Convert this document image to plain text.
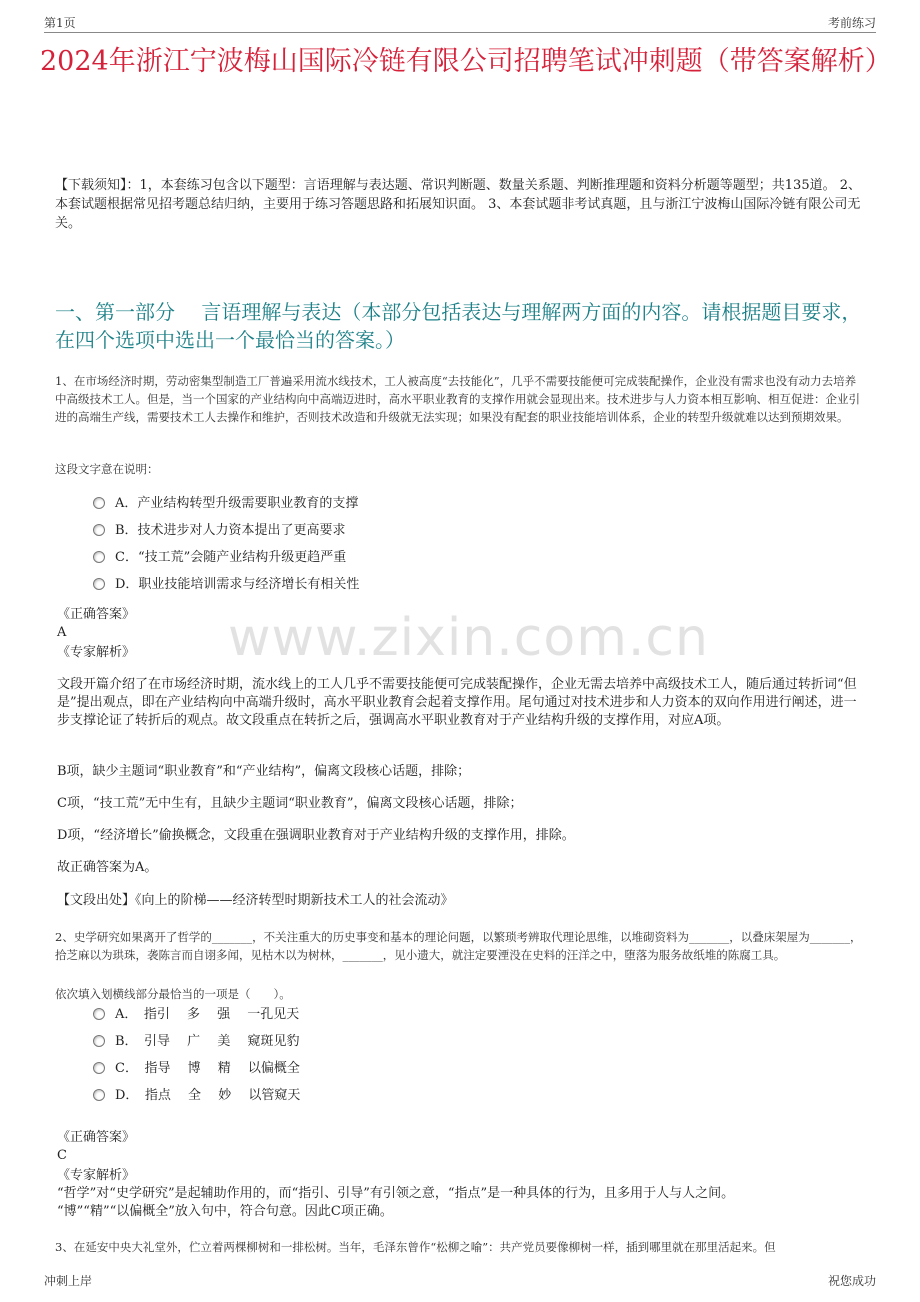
第1页	考前练习
2024年浙江宁波梅山国际冷链有限公司招聘笔试冲刺题（带答案解析）
【下载须知】：1，本套练习包含以下题型：言语理解与表达题、常识判断题、数量关系题、判断推理题和资料分析题等题型；共135道。 2、本套试题根据常见招考题总结归纳，主要用于练习答题思路和拓展知识面。 3、本套试题非考试真题，且与浙江宁波梅山国际冷链有限公司无关。
一、第一部分　 言语理解与表达（本部分包括表达与理解两方面的内容。请根据题目要求，在四个选项中选出一个最恰当的答案。）
1、在市场经济时期，劳动密集型制造工厂普遍采用流水线技术，工人被高度“去技能化”，几乎不需要技能便可完成装配操作，企业没有需求也没有动力去培养中高级技术工人。但是，当一个国家的产业结构向中高端迈进时，高水平职业教育的支撑作用就会显现出来。技术进步与人力资本相互影响、相互促进：企业引进的高端生产线，需要技术工人去操作和维护，否则技术改造和升级就无法实现；如果没有配套的职业技能培训体系，企业的转型升级就难以达到预期效果。
这段文字意在说明：
A．产业结构转型升级需要职业教育的支撑
B．技术进步对人力资本提出了更高要求
C．“技工荒”会随产业结构升级更趋严重
D．职业技能培训需求与经济增长有相关性
《正确答案》
A
《专家解析》 www.zixin.com.cn
文段开篇介绍了在市场经济时期，流水线上的工人几乎不需要技能便可完成装配操作，企业无需去培养中高级技术工人，随后通过转折词“但是”提出观点，即在产业结构向中高端升级时，高水平职业教育会起着支撑作用。尾句通过对技术进步和人力资本的双向作用进行阐述，进一步支撑论证了转折后的观点。故文段重点在转折之后，强调高水平职业教育对于产业结构升级的支撑作用，对应A项。
B项，缺少主题词“职业教育”和“产业结构”，偏离文段核心话题，排除；
C项，“技工荒”无中生有，且缺少主题词“职业教育”，偏离文段核心话题，排除；
D项，“经济增长”偷换概念，文段重在强调职业教育对于产业结构升级的支撑作用，排除。
故正确答案为A。
【文段出处】《向上的阶梯——经济转型时期新技术工人的社会流动》
2、史学研究如果离开了哲学的_______，不关注重大的历史事变和基本的理论问题，以繁琐考辨取代理论思维，以堆砌资料为_______，以叠床架屋为_______，拾芝麻以为珙珠，袭陈言而自诩多闻，见枯木以为树林，_______，见小遗大，就注定要湮没在史料的汪洋之中，堕落为服务故纸堆的陈腐工具。
依次填入划横线部分最恰当的一项是（　　）。
A．　指引　 多　 强　 一孔见天
B．　引导　 广　 美　 窥斑见豹
C．　指导　 博　 精　 以偏概全
D．　指点　 全　 妙　 以管窥天
《正确答案》
C
《专家解析》
“哲学”对“史学研究”是起辅助作用的，而“指引、引导”有引领之意，“指点”是一种具体的行为，且多用于人与人之间。
“博”“精”“以偏概全”放入句中，符合句意。因此C项正确。
3、在延安中央大礼堂外，伫立着两棵柳树和一排松树。当年，毛泽东曾作“松柳之喻”：共产党员要像柳树一样，插到哪里就在那里活起来。但
冲刺上岸	祝您成功
